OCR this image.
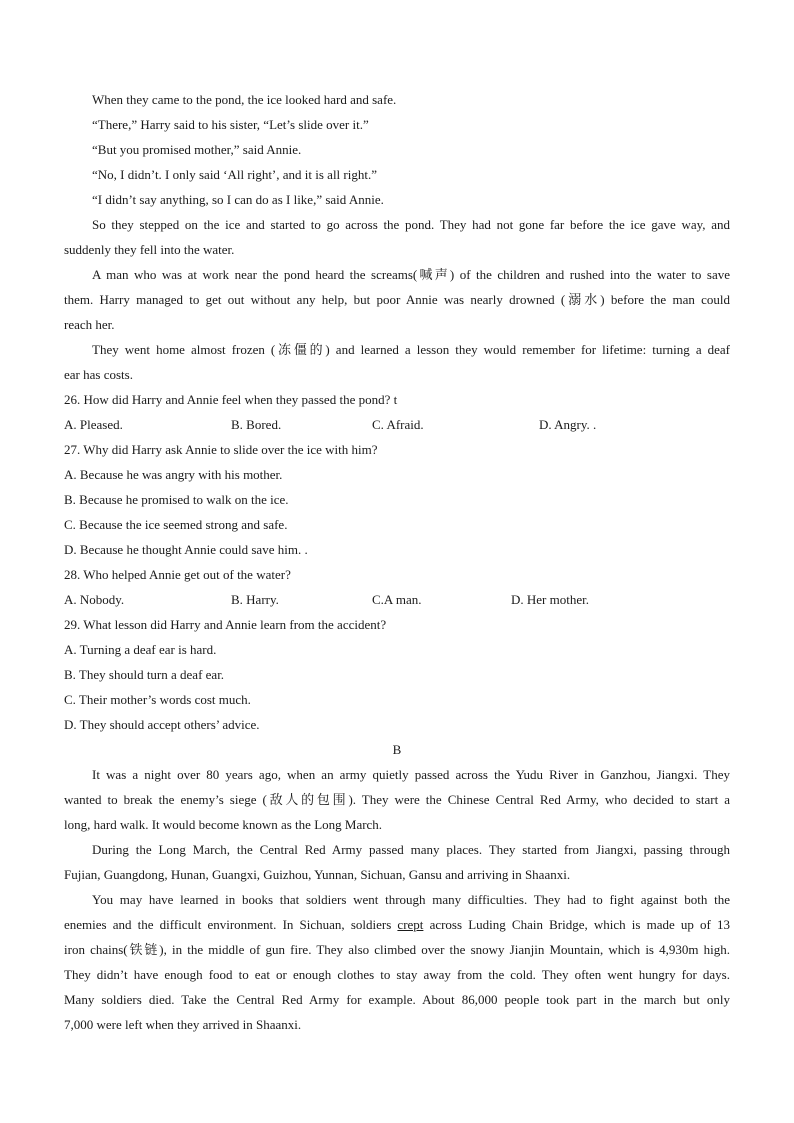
When they came to the pond, the ice looked hard and safe.
“There,” Harry said to his sister, “Let’s slide over it.”
“But you promised mother,” said Annie.
“No, I didn’t. I only said ‘All right’, and it is all right.”
“I didn’t say anything, so I can do as I like,” said Annie.
So they stepped on the ice and started to go across the pond. They had not gone far before the ice gave way, and
suddenly they fell into the water.
A man who was at work near the pond heard the screams(喊声) of the children and rushed into the water to save
them. Harry managed to get out without any help, but poor Annie was nearly drowned (溺水) before the man could
reach her.
They went home almost frozen (冻僵的) and learned a lesson they would remember for lifetime: turning a deaf
ear has costs.
26. How did Harry and Annie feel when they passed the pond? t
A. Pleased.	B. Bored.	C. Afraid.	D. Angry. .
27. Why did Harry ask Annie to slide over the ice with him?
A. Because he was angry with his mother.
B. Because he promised to walk on the ice.
C. Because the ice seemed strong and safe.
D. Because he thought Annie could save him. .
28. Who helped Annie get out of the water?
A. Nobody.	B. Harry.	C.A man.	D. Her mother.
29. What lesson did Harry and Annie learn from the accident?
A. Turning a deaf ear is hard.
B. They should turn a deaf ear.
C. Their mother’s words cost much.
D. They should accept others’ advice.
B
It was a night over 80 years ago, when an army quietly passed across the Yudu River in Ganzhou, Jiangxi. They
wanted to break the enemy’s siege (敌人的包围). They were the Chinese Central Red Army, who decided to start a
long, hard walk. It would become known as the Long March.
During the Long March, the Central Red Army passed many places. They started from Jiangxi, passing through
Fujian, Guangdong, Hunan, Guangxi, Guizhou, Yunnan, Sichuan, Gansu and arriving in Shaanxi.
You may have learned in books that soldiers went through many difficulties. They had to fight against both the
enemies and the difficult environment. In Sichuan, soldiers crept across Luding Chain Bridge, which is made up of 13
iron chains(铁链), in the middle of gun fire. They also climbed over the snowy Jianjin Mountain, which is 4,930m high.
They didn’t have enough food to eat or enough clothes to stay away from the cold. They often went hungry for days.
Many soldiers died. Take the Central Red Army for example. About 86,000 people took part in the march but only
7,000 were left when they arrived in Shaanxi.
